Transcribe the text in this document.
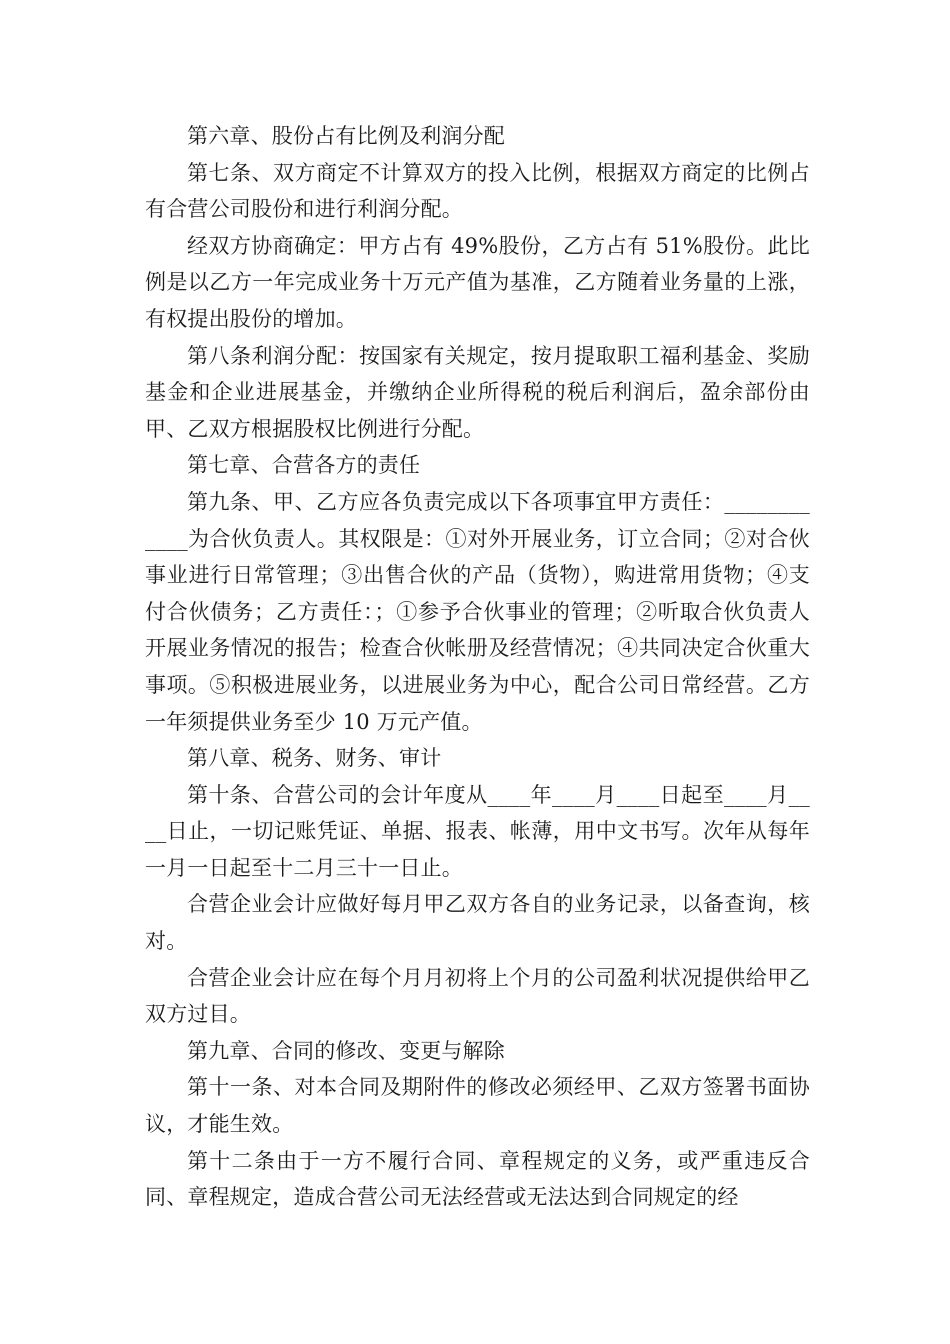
第六章、股份占有比例及利润分配

第七条、双方商定不计算双方的投入比例，根据双方商定的比例占有合营公司股份和进行利润分配。

经双方协商确定：甲方占有 49%股份，乙方占有 51%股份。此比例是以乙方一年完成业务十万元产值为基准，乙方随着业务量的上涨，有权提出股份的增加。

第八条利润分配：按国家有关规定，按月提取职工福利基金、奖励基金和企业进展基金，并缴纳企业所得税的税后利润后，盈余部份由甲、乙双方根据股权比例进行分配。

第七章、合营各方的责任

第九条、甲、乙方应各负责完成以下各项事宜甲方责任：____________为合伙负责人。其权限是：①对外开展业务，订立合同；②对合伙事业进行日常管理；③出售合伙的产品（货物），购进常用货物；④支付合伙债务；乙方责任：；①参予合伙事业的管理；②听取合伙负责人开展业务情况的报告；检查合伙帐册及经营情况；④共同决定合伙重大事项。⑤积极进展业务，以进展业务为中心，配合公司日常经营。乙方一年须提供业务至少 10 万元产值。

第八章、税务、财务、审计

第十条、合营公司的会计年度从____年____月____日起至____月____日止，一切记账凭证、单据、报表、帐薄，用中文书写。次年从每年一月一日起至十二月三十一日止。

合营企业会计应做好每月甲乙双方各自的业务记录，以备查询，核对。

合营企业会计应在每个月月初将上个月的公司盈利状况提供给甲乙双方过目。

第九章、合同的修改、变更与解除

第十一条、对本合同及期附件的修改必须经甲、乙双方签署书面协议，才能生效。

第十二条由于一方不履行合同、章程规定的义务，或严重违反合同、章程规定，造成合营公司无法经营或无法达到合同规定的经
